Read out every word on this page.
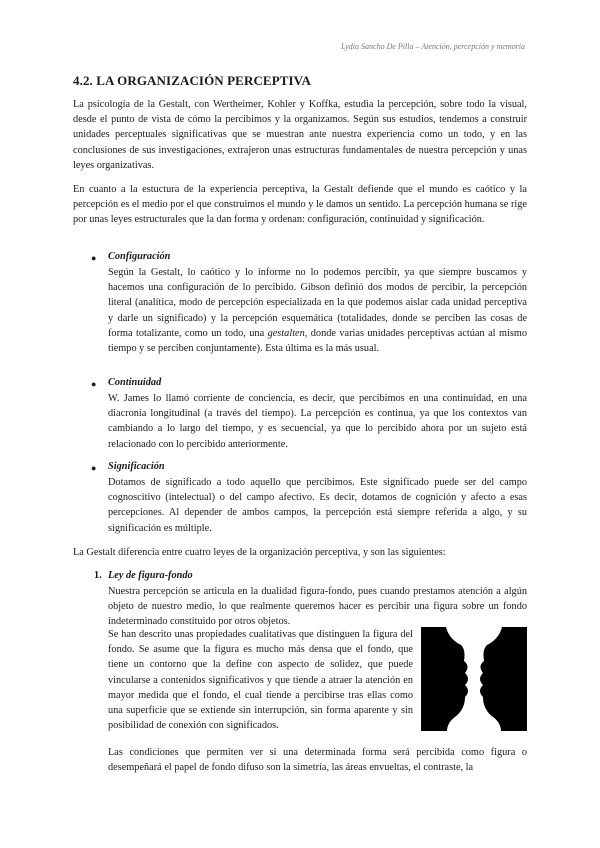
Lydia Sancho De Pilla – Atención, percepción y memoria
4.2. LA ORGANIZACIÓN PERCEPTIVA
La psicología de la Gestalt, con Wertheimer, Kohler y Koffka, estudia la percepción, sobre todo la visual, desde el punto de vista de cómo la percibimos y la organizamos. Según sus estudios, tendemos a construir unidades perceptuales significativas que se muestran ante nuestra experiencia como un todo, y en las conclusiones de sus investigaciones, extrajeron unas estructuras fundamentales de nuestra percepción y unas leyes organizativas.
En cuanto a la estuctura de la experiencia perceptiva, la Gestalt defiende que el mundo es caótico y la percepción es el medio por el que construimos el mundo y le damos un sentido. La percepción humana se rige por unas leyes estructurales que la dan forma y ordenan: configuración, continuidad y significación.
● Configuración
Según la Gestalt, lo caótico y lo informe no lo podemos percibir, ya que siempre buscamos y hacemos una configuración de lo percibido. Gibson definió dos modos de percibir, la percepción literal (analítica, modo de percepción especializada en la que podemos aislar cada unidad perceptiva y darle un significado) y la percepción esquemática (totalidades, donde se perciben las cosas de forma totalizante, como un todo, una gestalten, donde varias unidades perceptivas actúan al mismo tiempo y se perciben conjuntamente). Esta última es la más usual.
● Continuidad
W. James lo llamó corriente de conciencia, es decir, que percibimos en una continuidad, en una diacronía longitudinal (a través del tiempo). La percepción es continua, ya que los contextos van cambiando a lo largo del tiempo, y es secuencial, ya que lo percibido ahora por un sujeto está relacionado con lo percibido anteriormente.
● Significación
Dotamos de significado a todo aquello que percibimos. Este significado puede ser del campo cognoscitivo (intelectual) o del campo afectivo. Es decir, dotamos de cognición y afecto a esas percepciones. Al depender de ambos campos, la percepción está siempre referida a algo, y su significación es múltiple.
La Gestalt diferencia entre cuatro leyes de la organización perceptiva, y son las siguientes:
1. Ley de figura-fondo
Nuestra percepción se articula en la dualidad figura-fondo, pues cuando prestamos atención a algún objeto de nuestro medio, lo que realmente queremos hacer es percibir una figura sobre un fondo indeterminado constituido por otros objetos.
Se han descrito unas propiedades cualitativas que distinguen la figura del fondo. Se asume que la figura es mucho más densa que el fondo, que tiene un contorno que la define con aspecto de solidez, que puede vincularse a contenidos significativos y que tiende a atraer la atención en mayor medida que el fondo, el cual tiende a percibirse tras ellas como una superficie que se extiende sin interrupción, sin forma aparente y sin posibilidad de conexión con significados.
Las condiciones que permiten ver si una determinada forma será percibida como figura o desempeñará el papel de fondo difuso son la simetría, las áreas envueltas, el contraste, la
